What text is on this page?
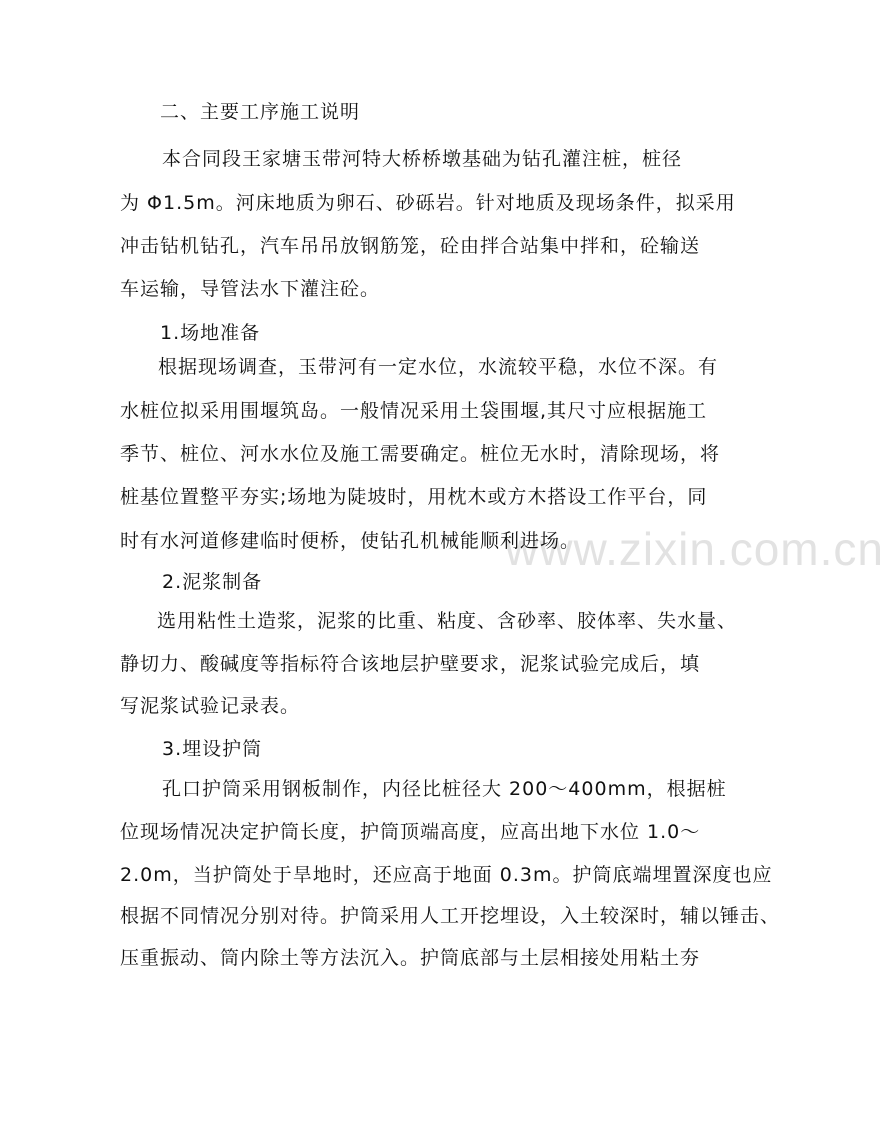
www.zixin.com.cn
二、主要工序施工说明
本合同段王家塘玉带河特大桥桥墩基础为钻孔灌注桩，桩径
为 Φ1.5m。河床地质为卵石、砂砾岩。针对地质及现场条件，拟采用
冲击钻机钻孔，汽车吊吊放钢筋笼，砼由拌合站集中拌和，砼输送
车运输，导管法水下灌注砼。
1.场地准备
根据现场调查，玉带河有一定水位，水流较平稳，水位不深。有
水桩位拟采用围堰筑岛。一般情况采用土袋围堰,其尺寸应根据施工
季节、桩位、河水水位及施工需要确定。桩位无水时，清除现场，将
桩基位置整平夯实;场地为陡坡时，用枕木或方木搭设工作平台，同
时有水河道修建临时便桥，使钻孔机械能顺利进场。
2.泥浆制备
选用粘性土造浆，泥浆的比重、粘度、含砂率、胶体率、失水量、
静切力、酸碱度等指标符合该地层护壁要求，泥浆试验完成后，填
写泥浆试验记录表。
3.埋设护筒
孔口护筒采用钢板制作，内径比桩径大 200～400mm，根据桩
位现场情况决定护筒长度，护筒顶端高度，应高出地下水位 1.0～
2.0m，当护筒处于旱地时，还应高于地面 0.3m。护筒底端埋置深度也应
根据不同情况分别对待。护筒采用人工开挖埋设，入土较深时，辅以锤击、
压重振动、筒内除土等方法沉入。护筒底部与土层相接处用粘土夯
